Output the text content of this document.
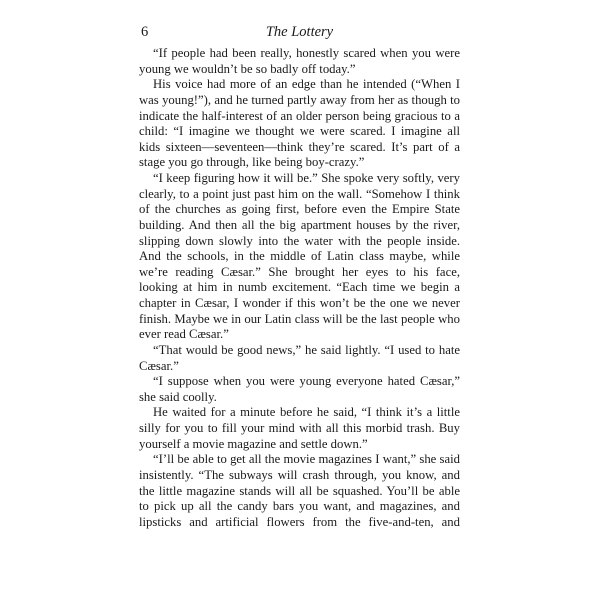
6	The Lottery

“If people had been really, honestly scared when you were young we wouldn’t be so badly off today.”

His voice had more of an edge than he intended (“When I was young!”), and he turned partly away from her as though to indicate the half-interest of an older person being gracious to a child: “I imagine we thought we were scared. I imagine all kids sixteen—seventeen—think they’re scared. It’s part of a stage you go through, like being boy-crazy.”

“I keep figuring how it will be.” She spoke very softly, very clearly, to a point just past him on the wall. “Somehow I think of the churches as going first, before even the Empire State building. And then all the big apartment houses by the river, slipping down slowly into the water with the people inside. And the schools, in the middle of Latin class maybe, while we’re reading Cæsar.” She brought her eyes to his face, looking at him in numb excitement. “Each time we begin a chapter in Cæsar, I wonder if this won’t be the one we never finish. Maybe we in our Latin class will be the last people who ever read Cæsar.”

“That would be good news,” he said lightly. “I used to hate Cæsar.”

“I suppose when you were young everyone hated Cæsar,” she said coolly.

He waited for a minute before he said, “I think it’s a little silly for you to fill your mind with all this morbid trash. Buy yourself a movie magazine and settle down.”

“I’ll be able to get all the movie magazines I want,” she said insistently. “The subways will crash through, you know, and the little magazine stands will all be squashed. You’ll be able to pick up all the candy bars you want, and magazines, and lipsticks and artificial flowers from the five-and-ten, and
